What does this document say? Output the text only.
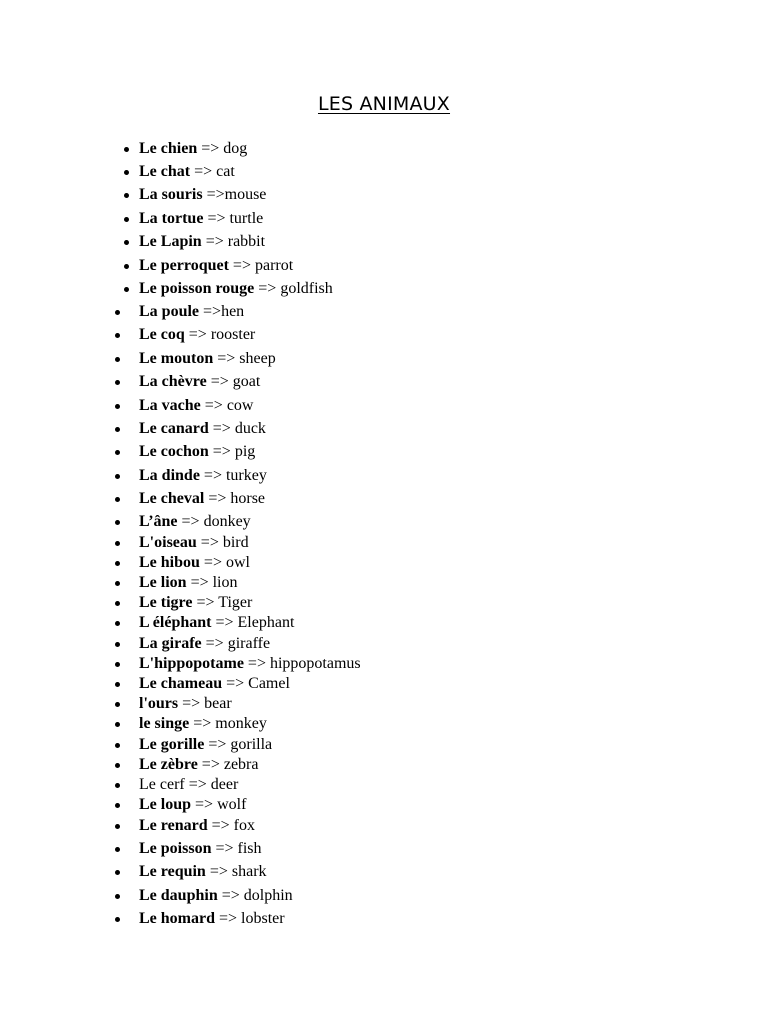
LES ANIMAUX
Le chien => dog
Le chat => cat
La souris =>mouse
La tortue => turtle
Le Lapin => rabbit
Le perroquet => parrot
Le poisson rouge => goldfish
La poule =>hen
Le coq => rooster
Le mouton => sheep
La chèvre => goat
La vache => cow
Le canard => duck
Le cochon => pig
La dinde => turkey
Le cheval => horse
L’âne => donkey
L'oiseau => bird
Le hibou => owl
Le lion => lion
Le tigre => Tiger
L éléphant => Elephant
La girafe => giraffe
L'hippopotame => hippopotamus
Le chameau => Camel
l'ours => bear
le singe => monkey
Le gorille => gorilla
Le zèbre => zebra
Le cerf => deer
Le loup => wolf
Le renard => fox
Le poisson => fish
Le requin => shark
Le dauphin => dolphin
Le homard => lobster
